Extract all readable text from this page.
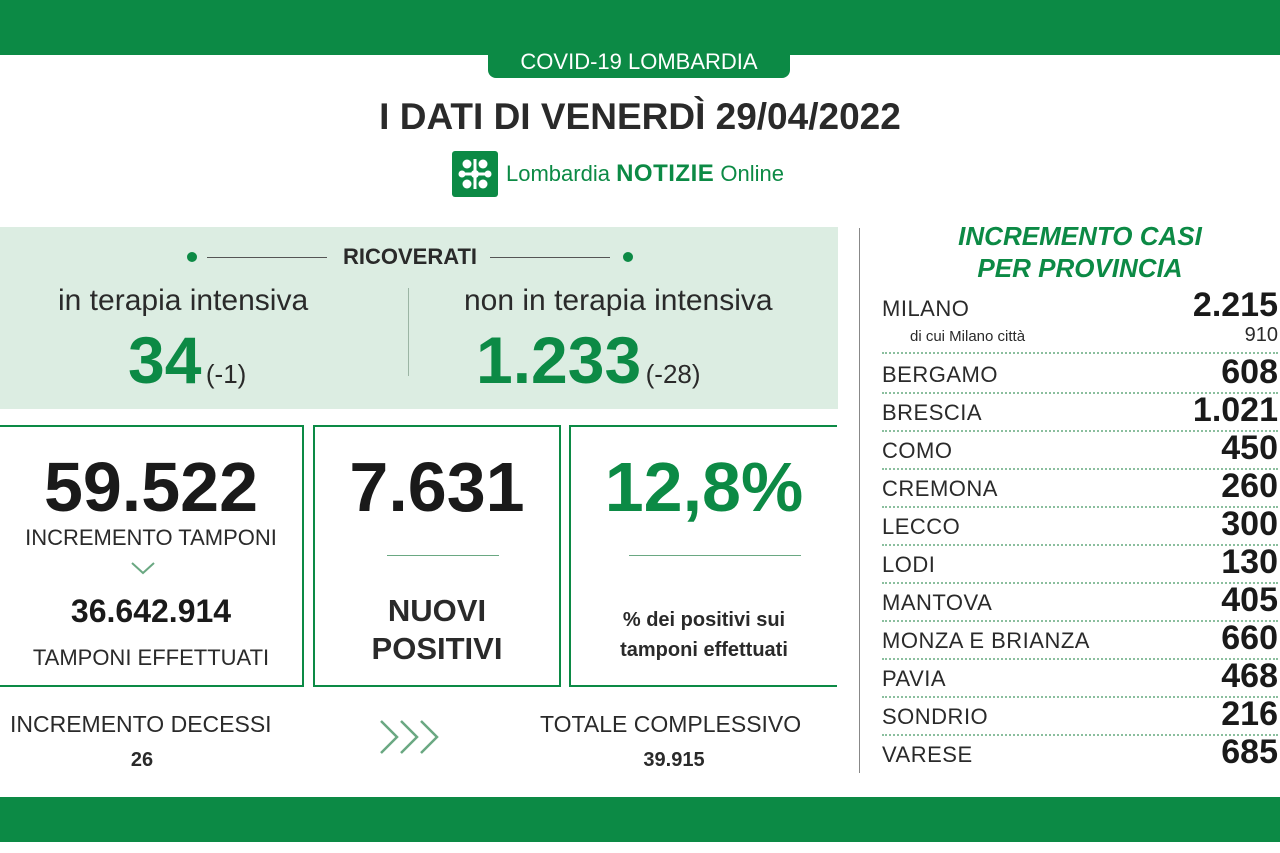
COVID-19 LOMBARDIA
I DATI DI VENERDÌ 29/04/2022
Lombardia NOTIZIE Online
RICOVERATI
in terapia intensiva
34 (-1)
non in terapia intensiva
1.233 (-28)
59.522
INCREMENTO TAMPONI
36.642.914
TAMPONI EFFETTUATI
7.631
NUOVI
POSITIVI
12,8%
% dei positivi sui
tamponi effettuati
INCREMENTO DECESSI
26
TOTALE COMPLESSIVO
39.915
INCREMENTO CASI
PER PROVINCIA
MILANO	2.215
di cui Milano città	910
BERGAMO	608
BRESCIA	1.021
COMO	450
CREMONA	260
LECCO	300
LODI	130
MANTOVA	405
MONZA E BRIANZA	660
PAVIA	468
SONDRIO	216
VARESE	685
